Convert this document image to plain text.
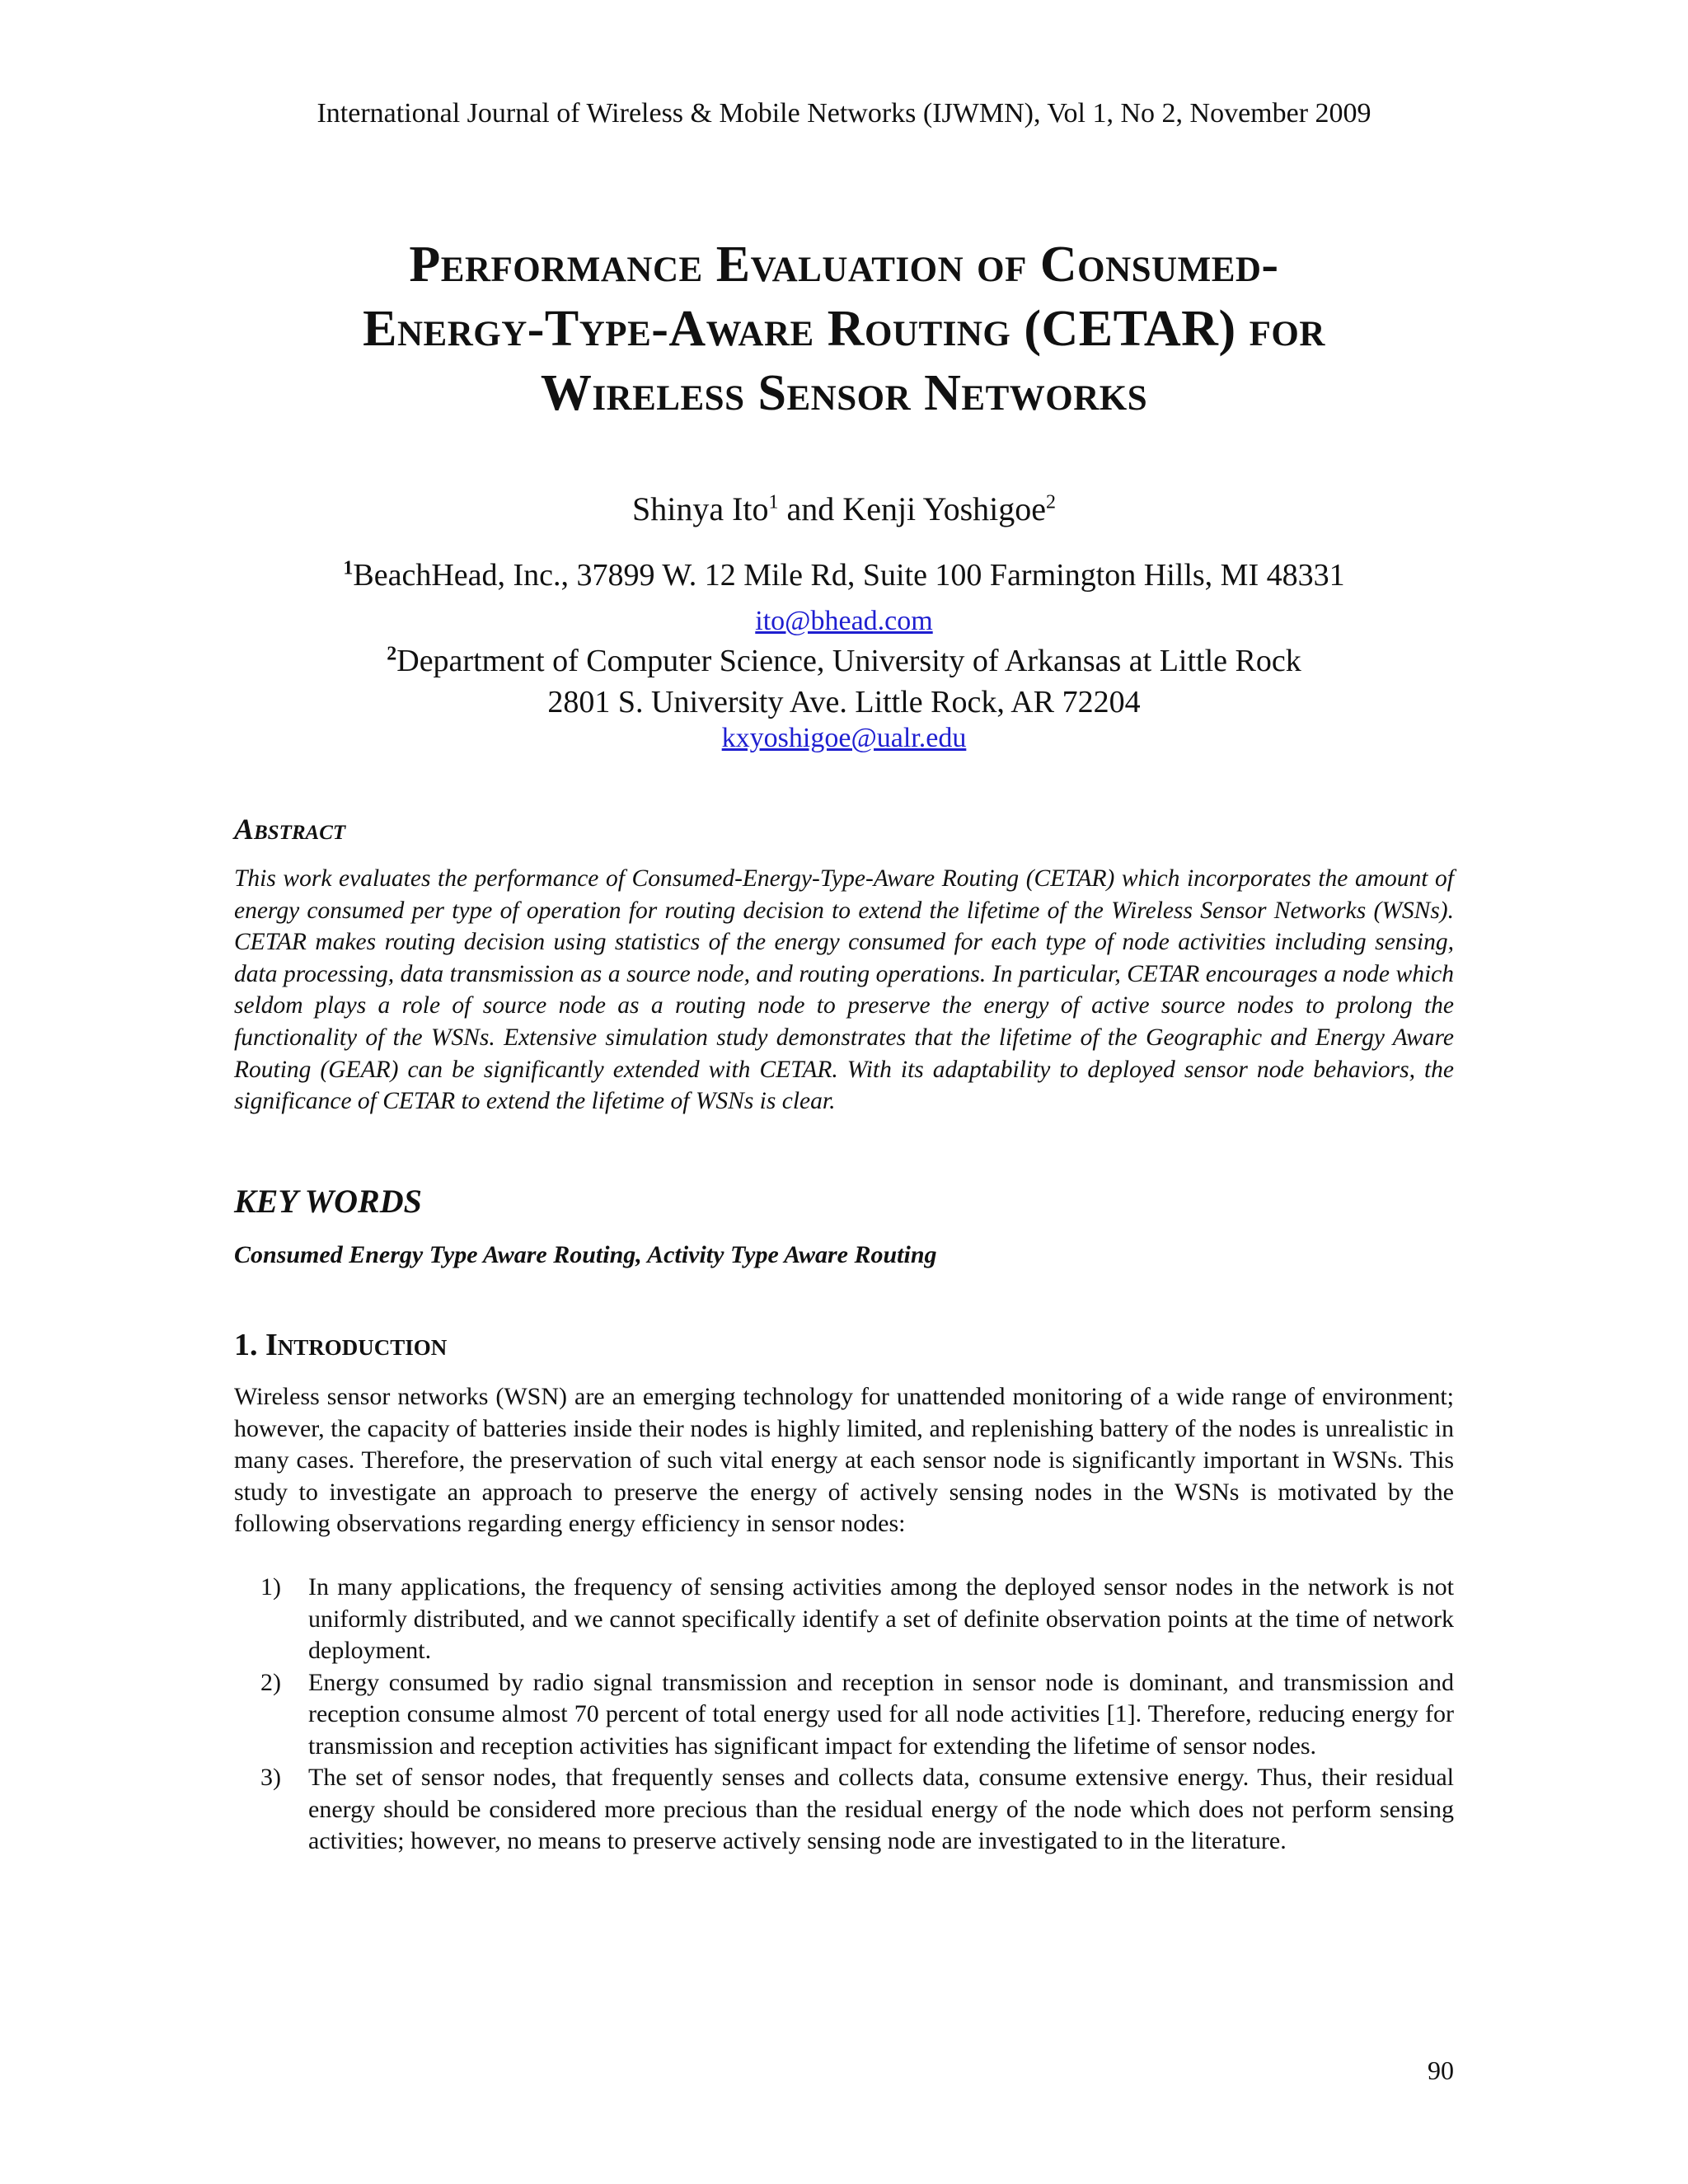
International Journal of Wireless & Mobile Networks (IJWMN), Vol 1, No 2, November 2009
Performance Evaluation of Consumed-
Energy-Type-Aware Routing (CETAR) for
Wireless Sensor Networks
Shinya Ito$^1$ and Kenji Yoshigoe$^2$
$^1$BeachHead, Inc., 37899 W. 12 Mile Rd, Suite 100 Farmington Hills, MI 48331
ito@bhead.com
$^2$Department of Computer Science, University of Arkansas at Little Rock
2801 S. University Ave. Little Rock, AR 72204
kxyoshigoe@ualr.edu
Abstract

This work evaluates the performance of Consumed-Energy-Type-Aware Routing (CETAR) which incorporates the amount of energy consumed per type of operation for routing decision to extend the lifetime of the Wireless Sensor Networks (WSNs). CETAR makes routing decision using statistics of the energy consumed for each type of node activities including sensing, data processing, data transmission as a source node, and routing operations. In particular, CETAR encourages a node which seldom plays a role of source node as a routing node to preserve the energy of active source nodes to prolong the functionality of the WSNs. Extensive simulation study demonstrates that the lifetime of the Geographic and Energy Aware Routing (GEAR) can be significantly extended with CETAR. With its adaptability to deployed sensor node behaviors, the significance of CETAR to extend the lifetime of WSNs is clear.

KEY WORDS
Consumed Energy Type Aware Routing, Activity Type Aware Routing
1. Introduction

Wireless sensor networks (WSN) are an emerging technology for unattended monitoring of a wide range of environment; however, the capacity of batteries inside their nodes is highly limited, and replenishing battery of the nodes is unrealistic in many cases. Therefore, the preservation of such vital energy at each sensor node is significantly important in WSNs. This study to investigate an approach to preserve the energy of actively sensing nodes in the WSNs is motivated by the following observations regarding energy efficiency in sensor nodes:

1) In many applications, the frequency of sensing activities among the deployed sensor nodes in the network is not uniformly distributed, and we cannot specifically identify a set of definite observation points at the time of network deployment.
2) Energy consumed by radio signal transmission and reception in sensor node is dominant, and transmission and reception consume almost 70 percent of total energy used for all node activities [1]. Therefore, reducing energy for transmission and reception activities has significant impact for extending the lifetime of sensor nodes.
3) The set of sensor nodes, that frequently senses and collects data, consume extensive energy. Thus, their residual energy should be considered more precious than the residual energy of the node which does not perform sensing activities; however, no means to preserve actively sensing node are investigated to in the literature.
90
